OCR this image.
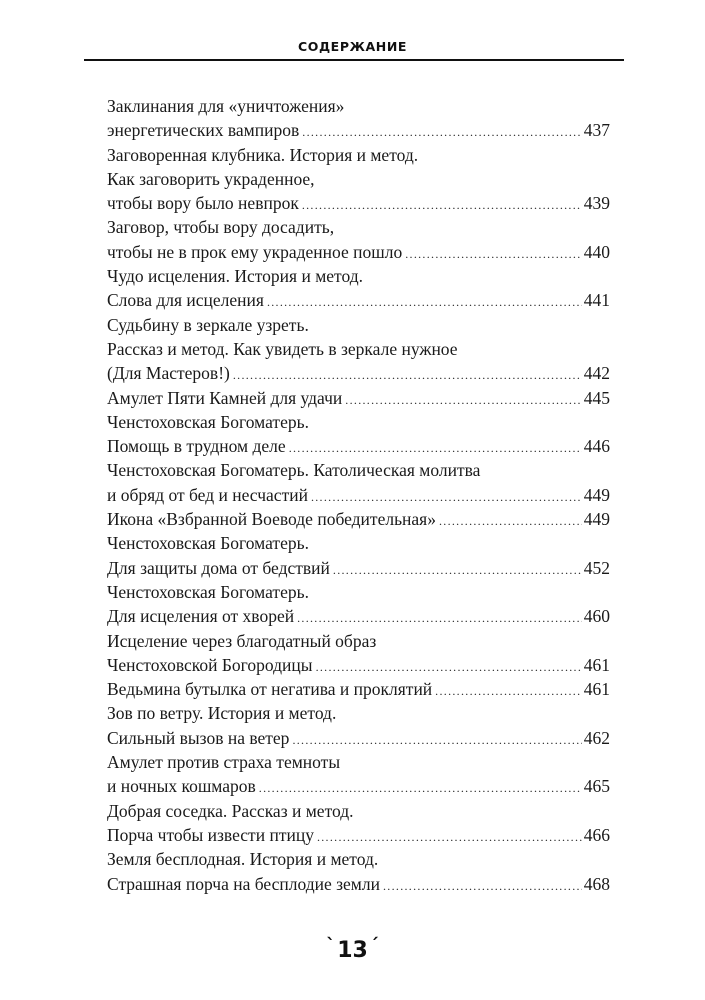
СОДЕРЖАНИЕ
Заклинания для «уничтожения»
энергетических вампиров .....	437
Заговоренная клубника. История и метод.
Как заговорить украденное,
чтобы вору было невпрок .....	439
Заговор, чтобы вору досадить,
чтобы не в прок ему украденное пошло .....	440
Чудо исцеления. История и метод.
Слова для исцеления .....	441
Судьбину в зеркале узреть.
Рассказ и метод. Как увидеть в зеркале нужное
(Для Мастеров!) .....	442
Амулет Пяти Камней для удачи .....	445
Ченстоховская Богоматерь.
Помощь в трудном деле .....	446
Ченстоховская Богоматерь. Католическая молитва
и обряд от бед и несчастий .....	449
Икона «Взбранной Воеводе победительная» .....	449
Ченстоховская Богоматерь.
Для защиты дома от бедствий .....	452
Ченстоховская Богоматерь.
Для исцеления от хворей .....	460
Исцеление через благодатный образ
Ченстоховской Богородицы .....	461
Ведьмина бутылка от негатива и проклятий .....	461
Зов по ветру. История и метод.
Сильный вызов на ветер .....	462
Амулет против страха темноты
и ночных кошмаров .....	465
Добрая соседка. Рассказ и метод.
Порча чтобы извести птицу .....	466
Земля бесплодная. История и метод.
Страшная порча на бесплодие земли .....	468
`13 ´
